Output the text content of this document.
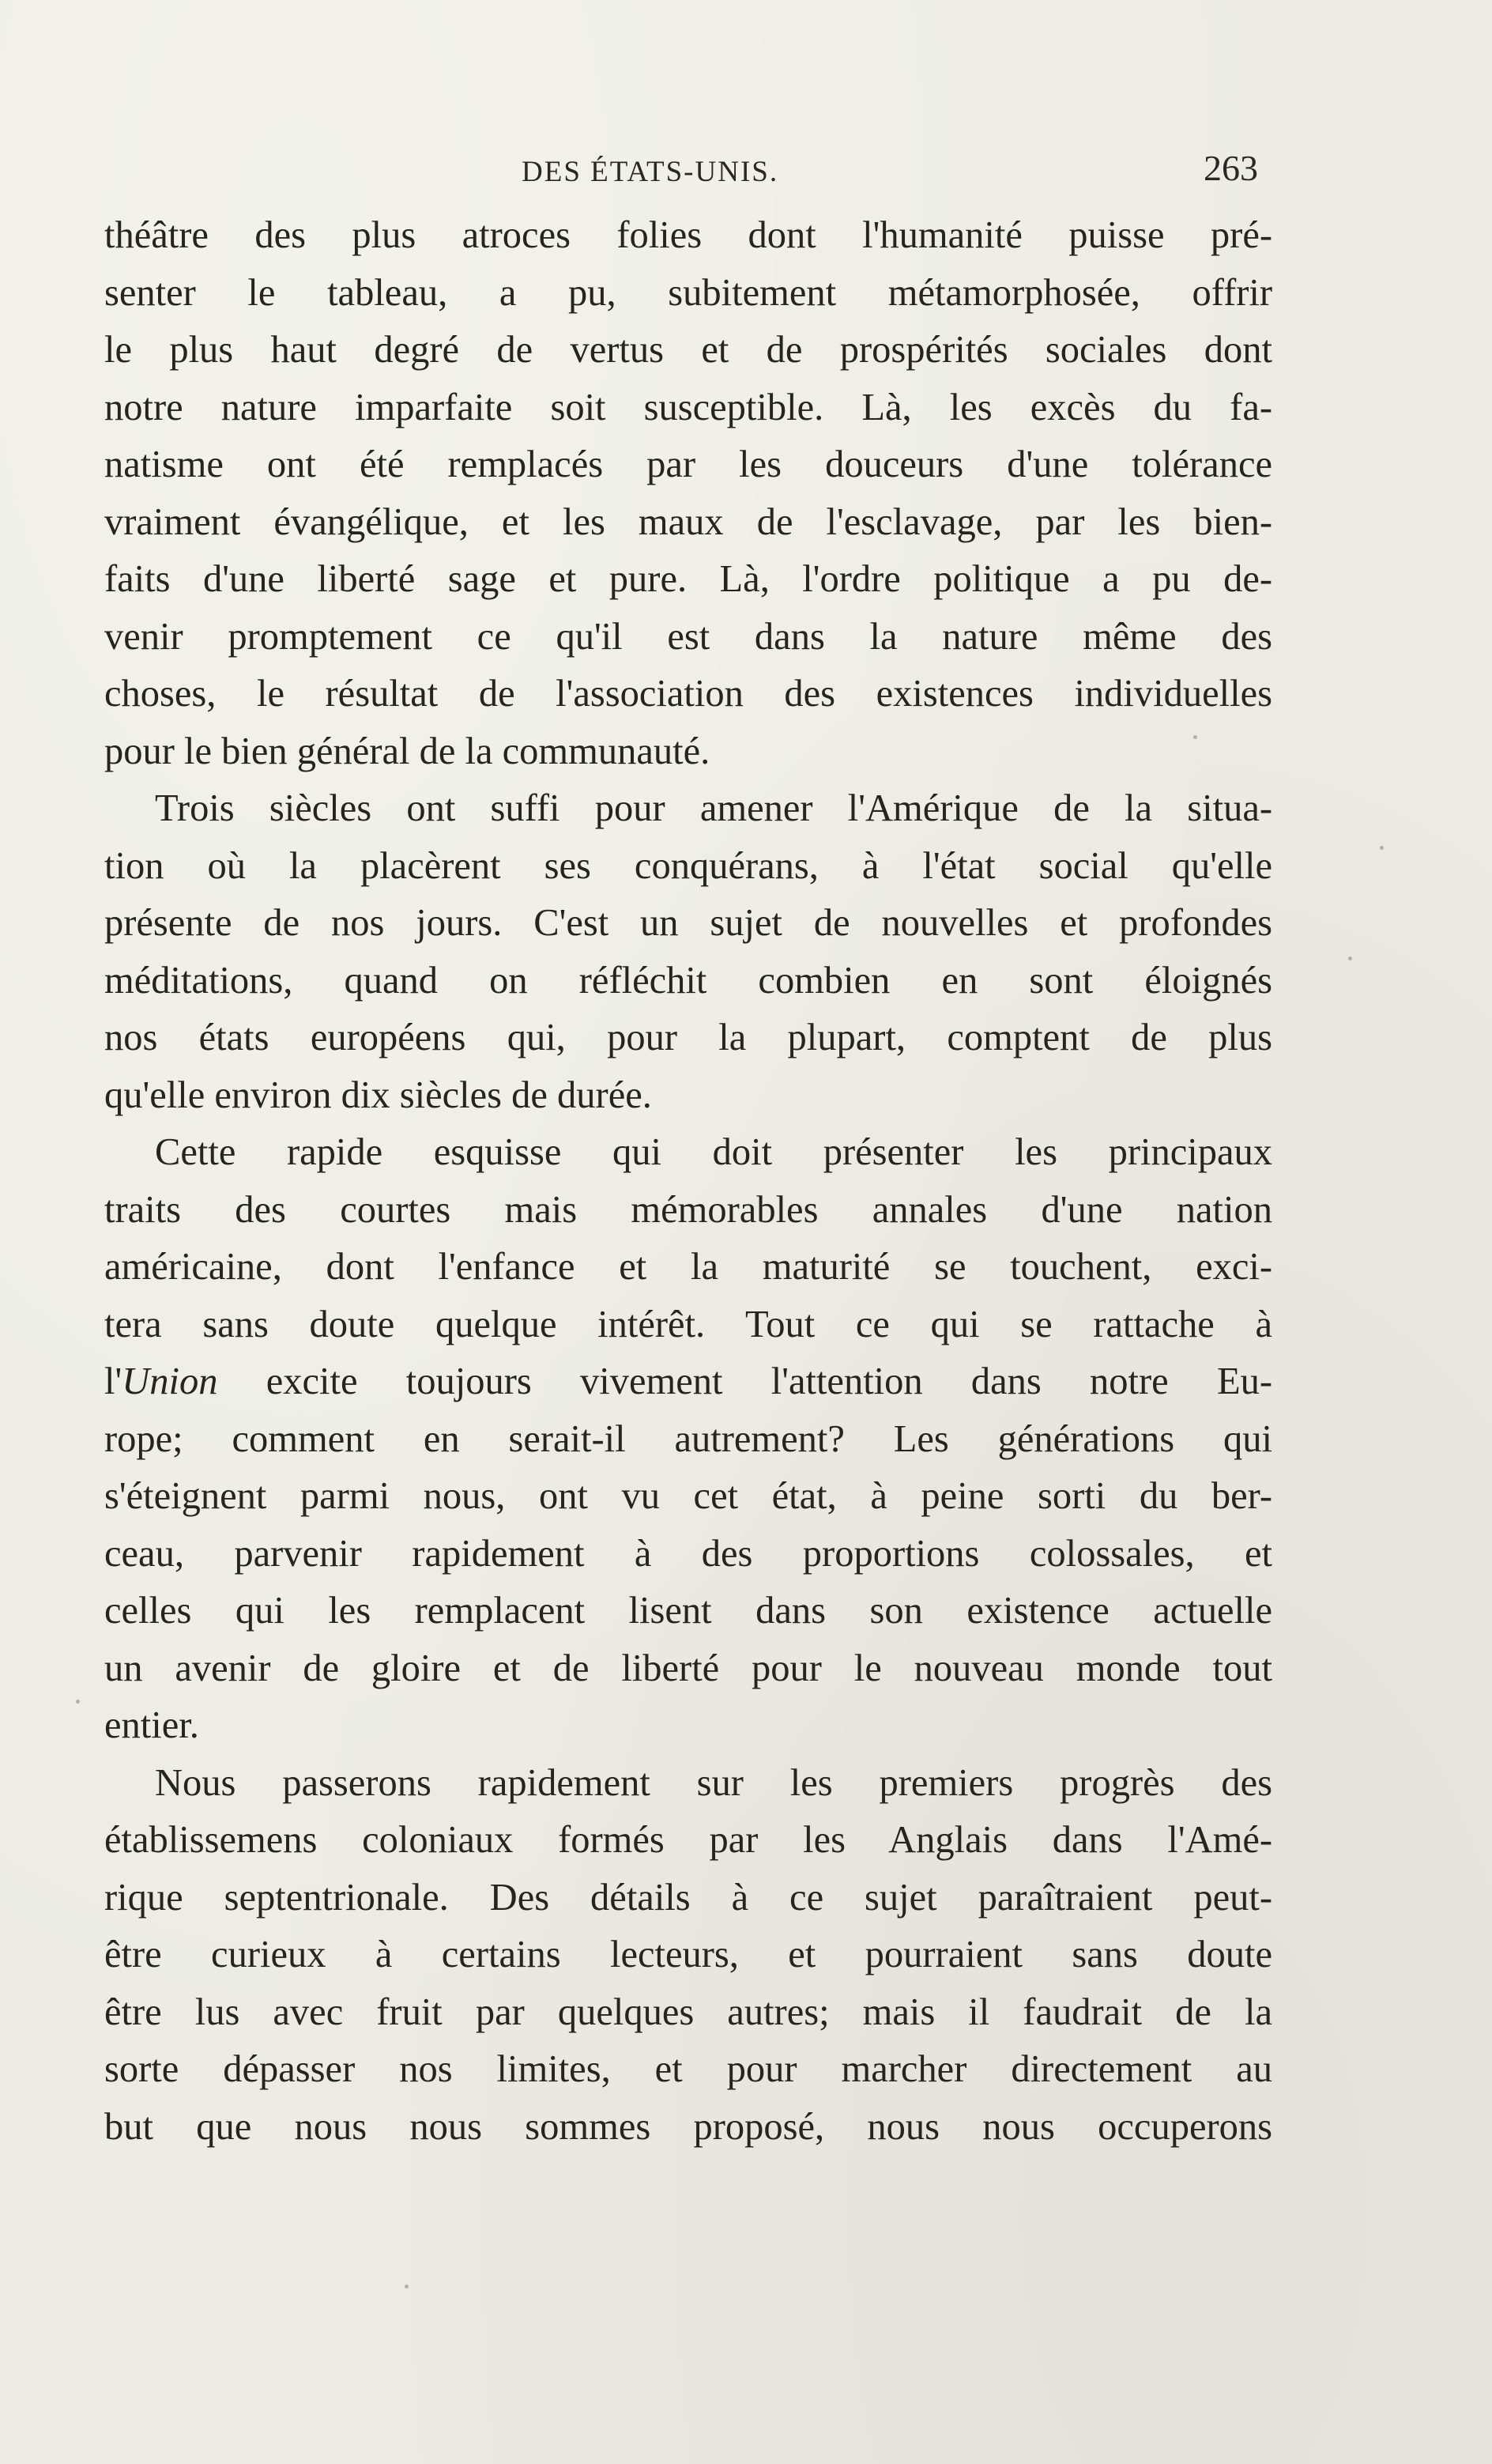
DES ÉTATS-UNIS.	263
théâtre des plus atroces folies dont l'humanité puisse pré-
senter le tableau, a pu, subitement métamorphosée, offrir
le plus haut degré de vertus et de prospérités sociales dont
notre nature imparfaite soit susceptible. Là, les excès du fa-
natisme ont été remplacés par les douceurs d'une tolérance
vraiment évangélique, et les maux de l'esclavage, par les bien-
faits d'une liberté sage et pure. Là, l'ordre politique a pu de-
venir promptement ce qu'il est dans la nature même des
choses, le résultat de l'association des existences individuelles
pour le bien général de la communauté.
Trois siècles ont suffi pour amener l'Amérique de la situa-
tion où la placèrent ses conquérans, à l'état social qu'elle
présente de nos jours. C'est un sujet de nouvelles et profondes
méditations, quand on réfléchit combien en sont éloignés
nos états européens qui, pour la plupart, comptent de plus
qu'elle environ dix siècles de durée.
Cette rapide esquisse qui doit présenter les principaux
traits des courtes mais mémorables annales d'une nation
américaine, dont l'enfance et la maturité se touchent, exci-
tera sans doute quelque intérêt. Tout ce qui se rattache à
l'Union excite toujours vivement l'attention dans notre Eu-
rope; comment en serait-il autrement? Les générations qui
s'éteignent parmi nous, ont vu cet état, à peine sorti du ber-
ceau, parvenir rapidement à des proportions colossales, et
celles qui les remplacent lisent dans son existence actuelle
un avenir de gloire et de liberté pour le nouveau monde tout
entier.
Nous passerons rapidement sur les premiers progrès des
établissemens coloniaux formés par les Anglais dans l'Amé-
rique septentrionale. Des détails à ce sujet paraîtraient peut-
être curieux à certains lecteurs, et pourraient sans doute
être lus avec fruit par quelques autres; mais il faudrait de la
sorte dépasser nos limites, et pour marcher directement au
but que nous nous sommes proposé, nous nous occuperons
